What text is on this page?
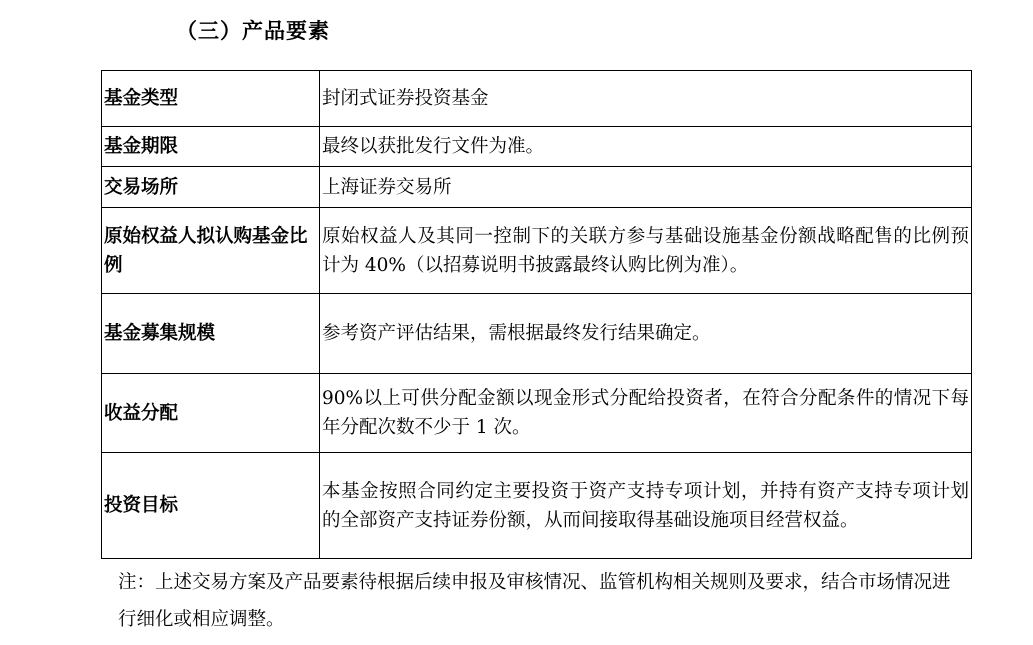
（三）产品要素
基金类型	封闭式证券投资基金
基金期限	最终以获批发行文件为准。
交易场所	上海证券交易所
原始权益人拟认购基金比例	原始权益人及其同一控制下的关联方参与基础设施基金份额战略配售的比例预计为 40%（以招募说明书披露最终认购比例为准）。
基金募集规模	参考资产评估结果，需根据最终发行结果确定。
收益分配	90%以上可供分配金额以现金形式分配给投资者，在符合分配条件的情况下每年分配次数不少于 1 次。
投资目标	本基金按照合同约定主要投资于资产支持专项计划，并持有资产支持专项计划的全部资产支持证券份额，从而间接取得基础设施项目经营权益。
注：上述交易方案及产品要素待根据后续申报及审核情况、监管机构相关规则及要求，结合市场情况进行细化或相应调整。
